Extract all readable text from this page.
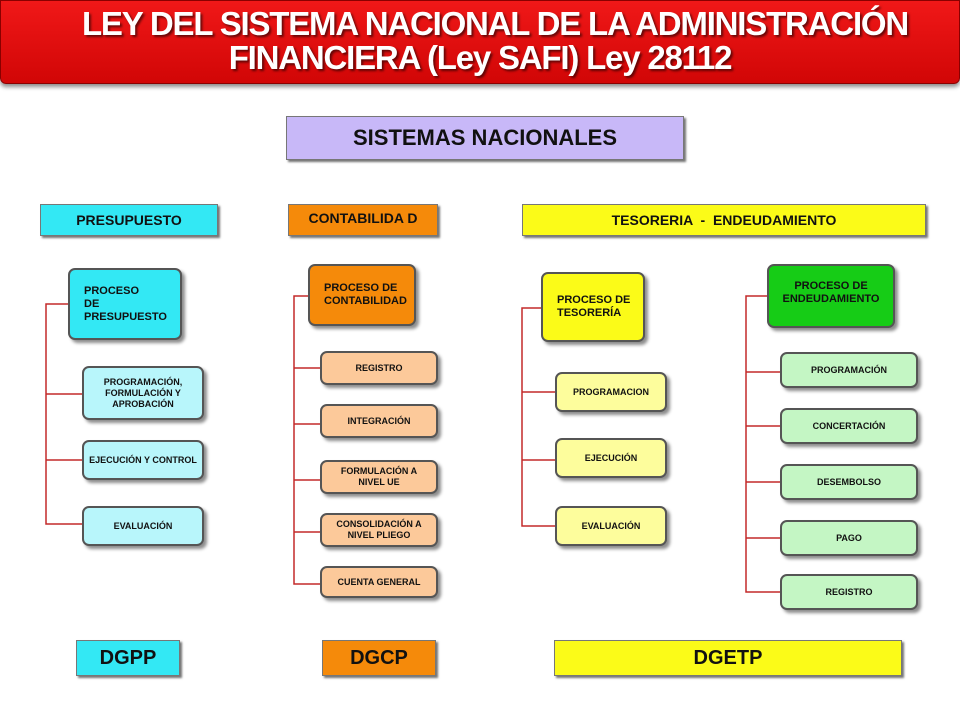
LEY DEL SISTEMA NACIONAL DE LA ADMINISTRACIÓN
FINANCIERA (Ley SAFI) Ley 28112
SISTEMAS NACIONALES
PRESUPUESTO	CONTABILIDA D	TESORERIA  -  ENDEUDAMIENTO
PROCESO DE PRESUPUESTO
PROGRAMACIÓN, FORMULACIÓN Y APROBACIÓN
EJECUCIÓN Y CONTROL
EVALUACIÓN
PROCESO DE CONTABILIDAD
REGISTRO
INTEGRACIÓN
FORMULACIÓN A NIVEL UE
CONSOLIDACIÓN A NIVEL PLIEGO
CUENTA GENERAL
PROCESO DE TESORERÍA
PROGRAMACION
EJECUCIÓN
EVALUACIÓN
PROCESO DE ENDEUDAMIENTO
PROGRAMACIÓN
CONCERTACIÓN
DESEMBOLSO
PAGO
REGISTRO
DGPP	DGCP	DGETP
